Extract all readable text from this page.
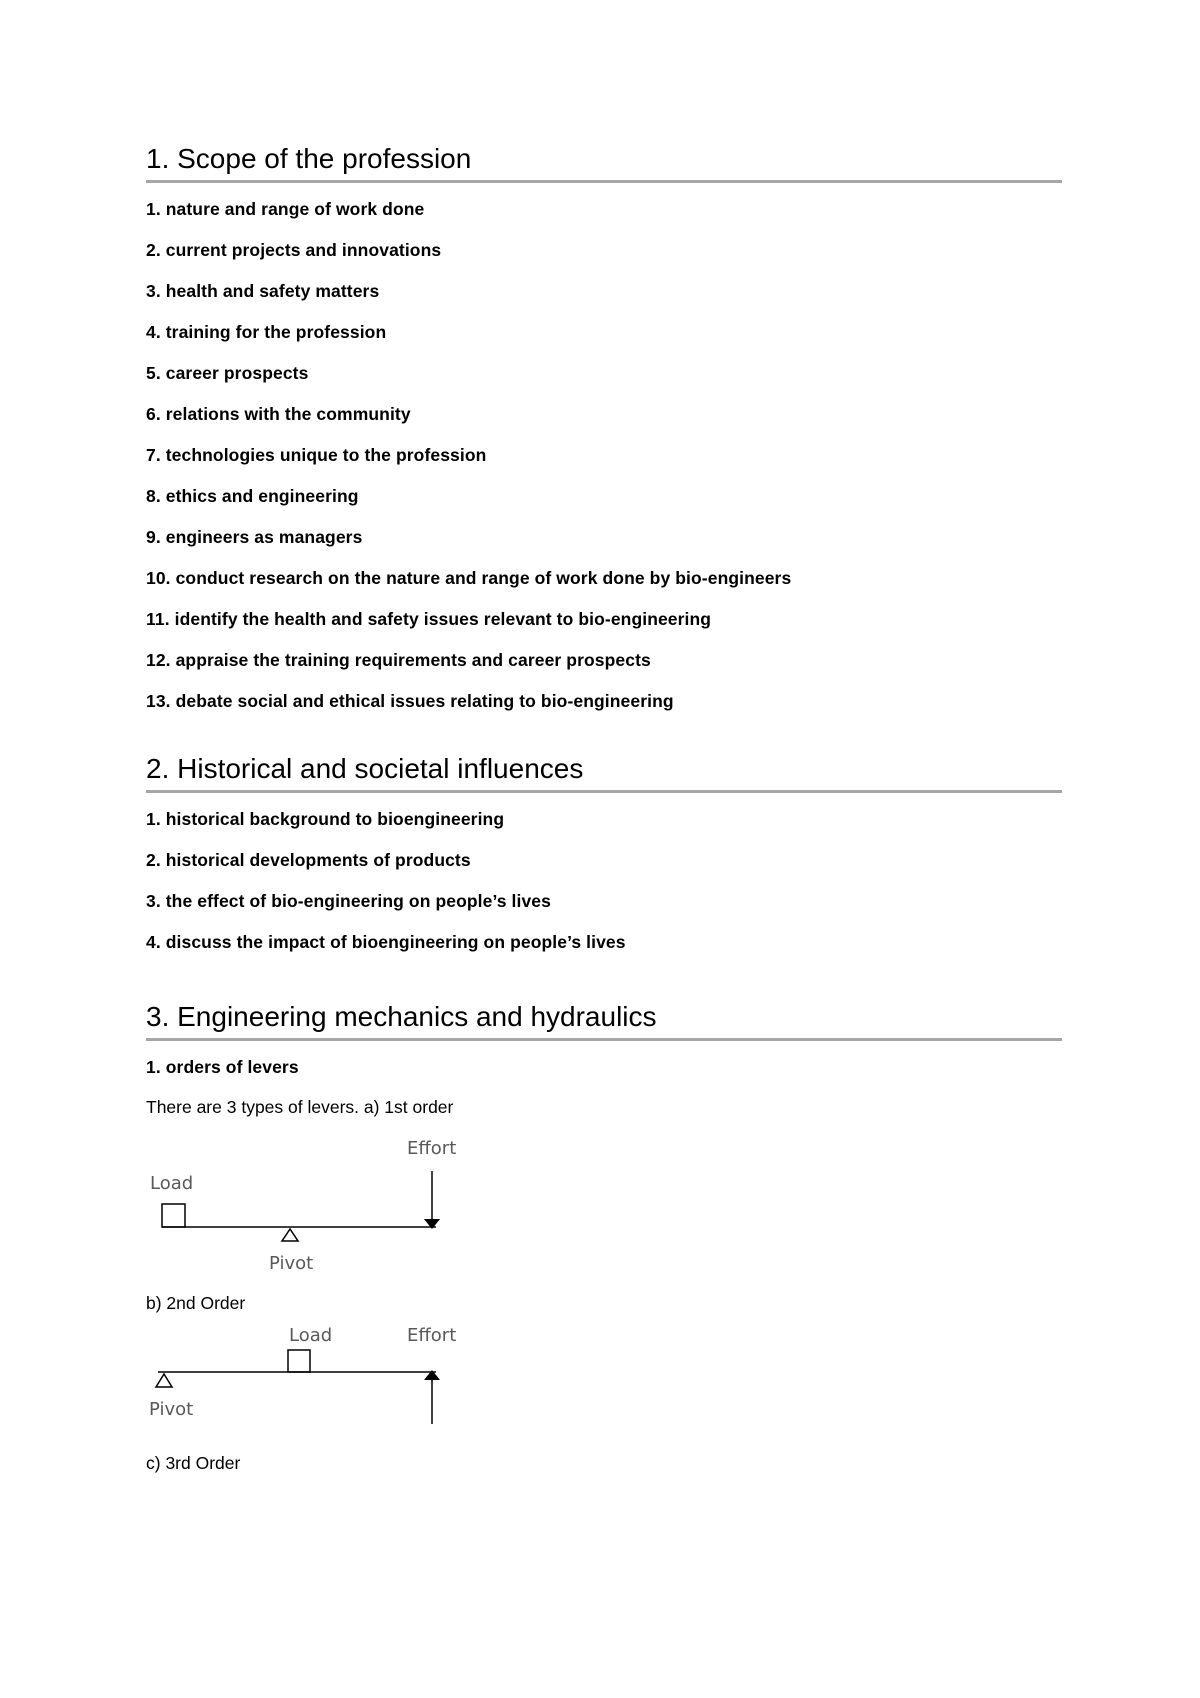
1. Scope of the profession
1. nature and range of work done
2. current projects and innovations
3. health and safety matters
4. training for the profession
5. career prospects
6. relations with the community
7. technologies unique to the profession
8. ethics and engineering
9. engineers as managers
10. conduct research on the nature and range of work done by bio-engineers
11. identify the health and safety issues relevant to bio-engineering
12. appraise the training requirements and career prospects
13. debate social and ethical issues relating to bio-engineering
2. Historical and societal influences
1. historical background to bioengineering
2. historical developments of products
3. the effect of bio-engineering on people’s lives
4. discuss the impact of bioengineering on people’s lives
3. Engineering mechanics and hydraulics
1. orders of levers

There are 3 types of levers. a) 1st order

Effort
Load
Pivot

b) 2nd Order

Load	Effort
Pivot

c) 3rd Order
